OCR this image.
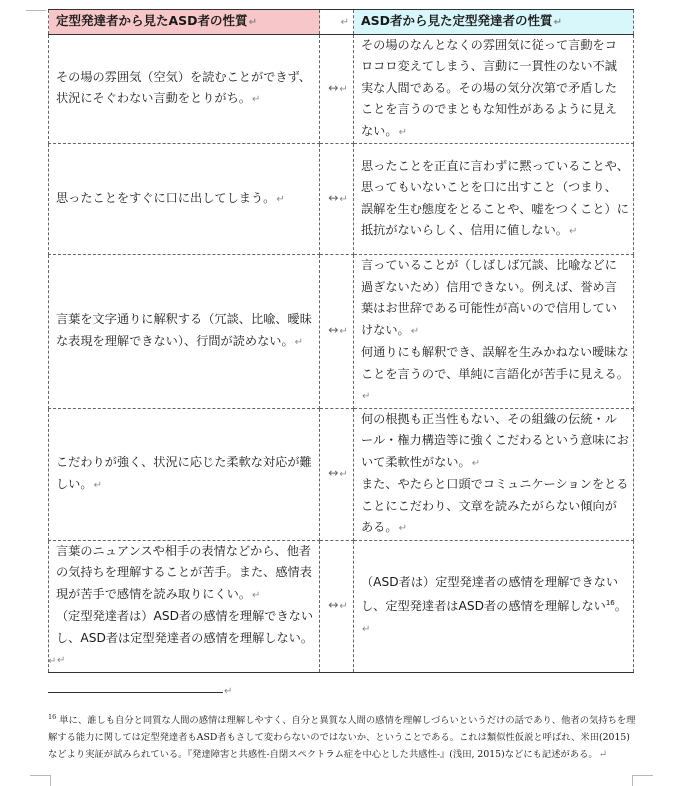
定型発達者から見たASD者の性質↵	↵	ASD者から見た定型発達者の性質↵
その場の雰囲気（空気）を読むことができず、状況にそぐわない言動をとりがち。↵	↔↵	その場のなんとなくの雰囲気に従って言動をコロコロ変えてしまう、言動に一貫性のない不誠実な人間である。その場の気分次第で矛盾したことを言うのでまともな知性があるように見えない。↵
思ったことをすぐに口に出してしまう。↵	↔↵	思ったことを正直に言わずに黙っていることや、思ってもいないことを口に出すこと（つまり、誤解を生む態度をとることや、嘘をつくこと）に抵抗がないらしく、信用に値しない。↵
言葉を文字通りに解釈する（冗談、比喩、曖昧な表現を理解できない）、行間が読めない。↵	↔↵	言っていることが（しばしば冗談、比喩などに過ぎないため）信用できない。例えば、誉め言葉はお世辞である可能性が高いので信用していけない。↵
何通りにも解釈でき、誤解を生みかねない曖昧なことを言うので、単純に言語化が苦手に見える。↵

こだわりが強く、状況に応じた柔軟な対応が難しい。↵	↔↵	何の根拠も正当性もない、その組織の伝統・ルール・権力構造等に強くこだわるという意味において柔軟性がない。↵
また、やたらと口頭でコミュニケーションをとることにこだわり、文章を読みたがらない傾向がある。↵

言葉のニュアンスや相手の表情などから、他者の気持ちを理解することが苦手。また、感情表現が苦手で感情を読み取りにくい。↵
（定型発達者は）ASD者の感情を理解できないし、ASD者は定型発達者の感情を理解しない。↵	↔↵	（ASD者は）定型発達者の感情を理解できないし、定型発達者はASD者の感情を理解しない$^{16}$。↵
↵
↵
$^{16}$ 単に、誰しも自分と同質な人間の感情は理解しやすく、自分と異質な人間の感情を理解しづらいというだけの話であり、他者の気持ちを理解する能力に関しては定型発達者もASD者もさして変わらないのではないか、ということである。これは類似性仮説と呼ばれ、米田(2015)などより実証が試みられている。『発達障害と共感性-自閉スペクトラム症を中心とした共感性-』(浅田, 2015)などにも記述がある。↵
